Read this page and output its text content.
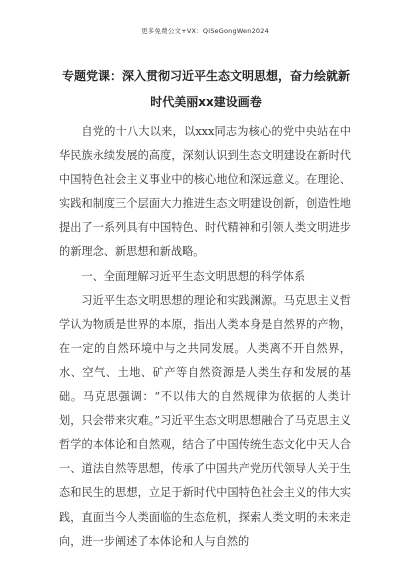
更多免费公文+VX：QiSeGongWen2024
专题党课：深入贯彻习近平生态文明思想，奋力绘就新时代美丽xx建设画卷

自党的十八大以来，以xxx同志为核心的党中央站在中华民族永续发展的高度，深刻认识到生态文明建设在新时代中国特色社会主义事业中的核心地位和深远意义。在理论、实践和制度三个层面大力推进生态文明建设创新，创造性地提出了一系列具有中国特色、时代精神和引领人类文明进步的新理念、新思想和新战略。

一、全面理解习近平生态文明思想的科学体系

习近平生态文明思想的理论和实践渊源。马克思主义哲学认为物质是世界的本原，指出人类本身是自然界的产物，在一定的自然环境中与之共同发展。人类离不开自然界，水、空气、土地、矿产等自然资源是人类生存和发展的基础。马克思强调：“不以伟大的自然规律为依据的人类计划，只会带来灾难。”习近平生态文明思想融合了马克思主义哲学的本体论和自然观，结合了中国传统生态文化中天人合一、道法自然等思想，传承了中国共产党历代领导人关于生态和民生的思想，立足于新时代中国特色社会主义的伟大实践，直面当今人类面临的生态危机，探索人类文明的未来走向，进一步阐述了本体论和人与自然的
